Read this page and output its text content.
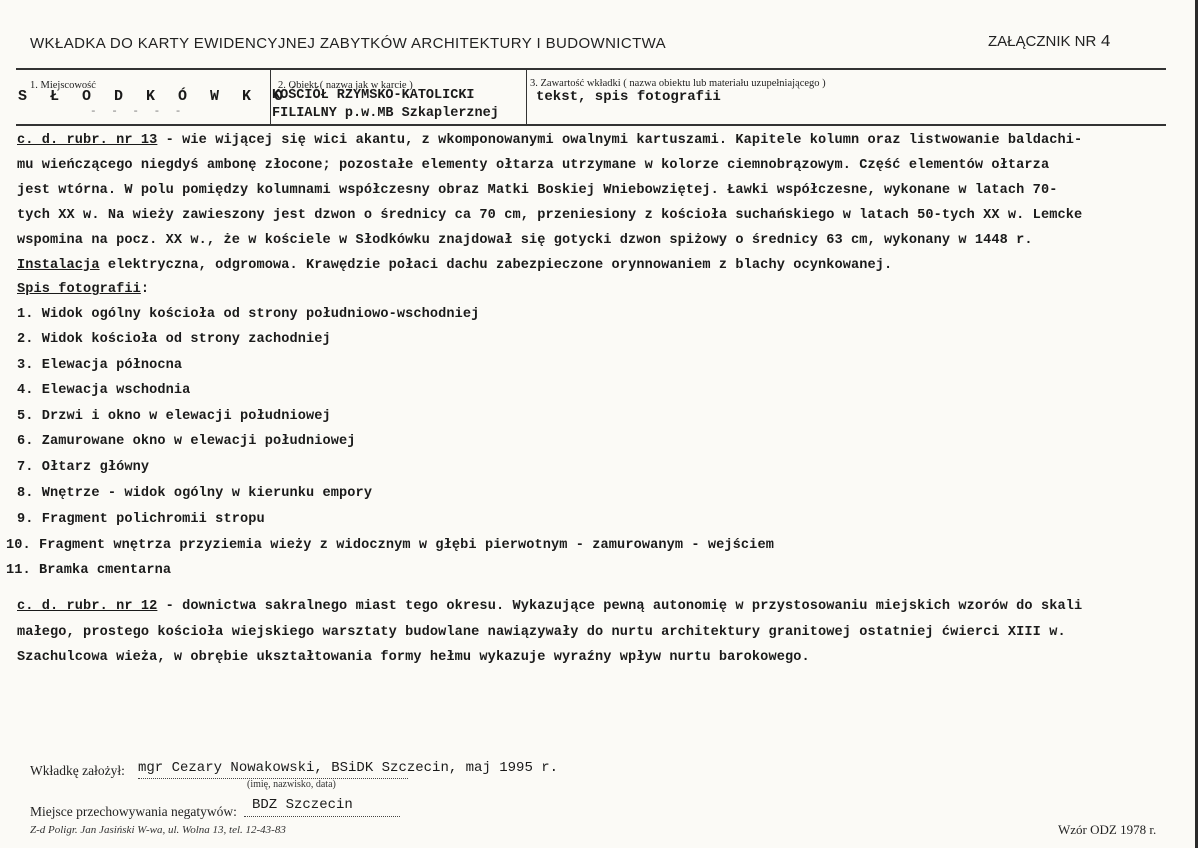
WKŁADKA DO KARTY EWIDENCYJNEJ ZABYTKÓW ARCHITEKTURY I BUDOWNICTWA	ZAŁĄCZNIK NR 4
1. Miejscowość
S Ł O D K Ó W K O
- - - - -
2. Obiekt ( nazwa jak w karcie )
KOŚCIÓŁ RZYMSKO-KATOLICKI
FILIALNY p.w.MB Szkaplerznej
3. Zawartość wkładki ( nazwa obiektu lub materiału uzupełniającego )
tekst, spis fotografii
c. d. rubr. nr 13 - wie wijącej się wici akantu, z wkomponowanymi owalnymi kartuszami. Kapitele kolumn oraz listwowanie baldachi-
mu wieńczącego niegdyś ambonę złocone; pozostałe elementy ołtarza utrzymane w kolorze ciemnobrązowym. Część elementów ołtarza
jest wtórna. W polu pomiędzy kolumnami współczesny obraz Matki Boskiej Wniebowziętej. Ławki współczesne, wykonane w latach 70-
tych XX w. Na wieży zawieszony jest dzwon o średnicy ca 70 cm, przeniesiony z kościoła suchańskiego w latach 50-tych XX w. Lemcke
wspomina na pocz. XX w., że w kościele w Słodkówku znajdował się gotycki dzwon spiżowy o średnicy 63 cm, wykonany w 1448 r.
Instalacja elektryczna, odgromowa. Krawędzie połaci dachu zabezpieczone orynnowaniem z blachy ocynkowanej.
Spis fotografii:
1. Widok ogólny kościoła od strony południowo-wschodniej
2. Widok kościoła od strony zachodniej
3. Elewacja północna
4. Elewacja wschodnia
5. Drzwi i okno w elewacji południowej
6. Zamurowane okno w elewacji południowej
7. Ołtarz główny
8. Wnętrze - widok ogólny w kierunku empory
9. Fragment polichromii stropu
10. Fragment wnętrza przyziemia wieży z widocznym w głębi pierwotnym - zamurowanym - wejściem
11. Bramka cmentarna
c. d. rubr. nr 12 - downictwa sakralnego miast tego okresu. Wykazujące pewną autonomię w przystosowaniu miejskich wzorów do skali
małego, prostego kościoła wiejskiego warsztaty budowlane nawiązywały do nurtu architektury granitowej ostatniej ćwierci XIII w.
Szachulcowa wieża, w obrębie ukształtowania formy hełmu wykazuje wyraźny wpływ nurtu barokowego.
Wkładkę założył: mgr Cezary Nowakowski, BSiDK Szczecin, maj 1995 r.
(imię, nazwisko, data)
Miejsce przechowywania negatywów: BDZ Szczecin
Z-d Poligr. Jan Jasiński W-wa, ul. Wolna 13, tel. 12-43-83	Wzór ODZ 1978 r.
